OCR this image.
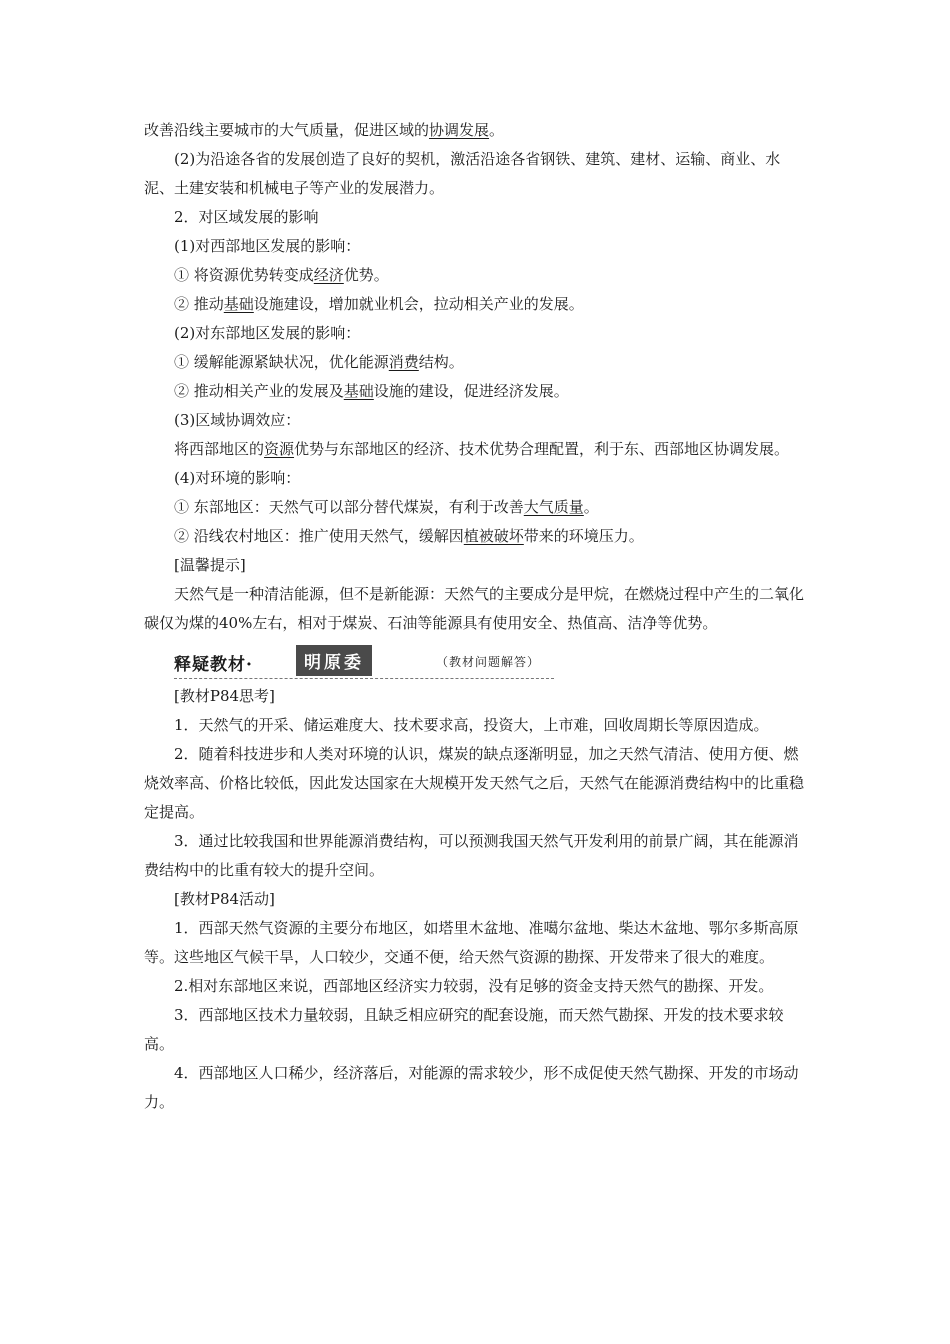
改善沿线主要城市的大气质量，促进区域的协调发展。

(2)为沿途各省的发展创造了良好的契机，激活沿途各省钢铁、建筑、建材、运输、商业、水泥、土建安装和机械电子等产业的发展潜力。

2．对区域发展的影响

(1)对西部地区发展的影响：

① 将资源优势转变成经济优势。

② 推动基础设施建设，增加就业机会，拉动相关产业的发展。

(2)对东部地区发展的影响：

① 缓解能源紧缺状况，优化能源消费结构。

② 推动相关产业的发展及基础设施的建设，促进经济发展。

(3)区域协调效应：

将西部地区的资源优势与东部地区的经济、技术优势合理配置，利于东、西部地区协调发展。

(4)对环境的影响：

① 东部地区：天然气可以部分替代煤炭，有利于改善大气质量。

② 沿线农村地区：推广使用天然气，缓解因植被破坏带来的环境压力。

[温馨提示]

天然气是一种清洁能源，但不是新能源：天然气的主要成分是甲烷，在燃烧过程中产生的二氧化碳仅为煤的40%左右，相对于煤炭、石油等能源具有使用安全、热值高、洁净等优势。

释疑教材·	明原委	（教材问题解答）

[教材P84思考]

1．天然气的开采、储运难度大、技术要求高，投资大，上市难，回收周期长等原因造成。

2．随着科技进步和人类对环境的认识，煤炭的缺点逐渐明显，加之天然气清洁、使用方便、燃烧效率高、价格比较低，因此发达国家在大规模开发天然气之后，天然气在能源消费结构中的比重稳定提高。

3．通过比较我国和世界能源消费结构，可以预测我国天然气开发利用的前景广阔，其在能源消费结构中的比重有较大的提升空间。

[教材P84活动]

1．西部天然气资源的主要分布地区，如塔里木盆地、准噶尔盆地、柴达木盆地、鄂尔多斯高原等。这些地区气候干旱，人口较少，交通不便，给天然气资源的勘探、开发带来了很大的难度。

2.相对东部地区来说，西部地区经济实力较弱，没有足够的资金支持天然气的勘探、开发。

3．西部地区技术力量较弱，且缺乏相应研究的配套设施，而天然气勘探、开发的技术要求较高。

4．西部地区人口稀少，经济落后，对能源的需求较少，形不成促使天然气勘探、开发的市场动力。
